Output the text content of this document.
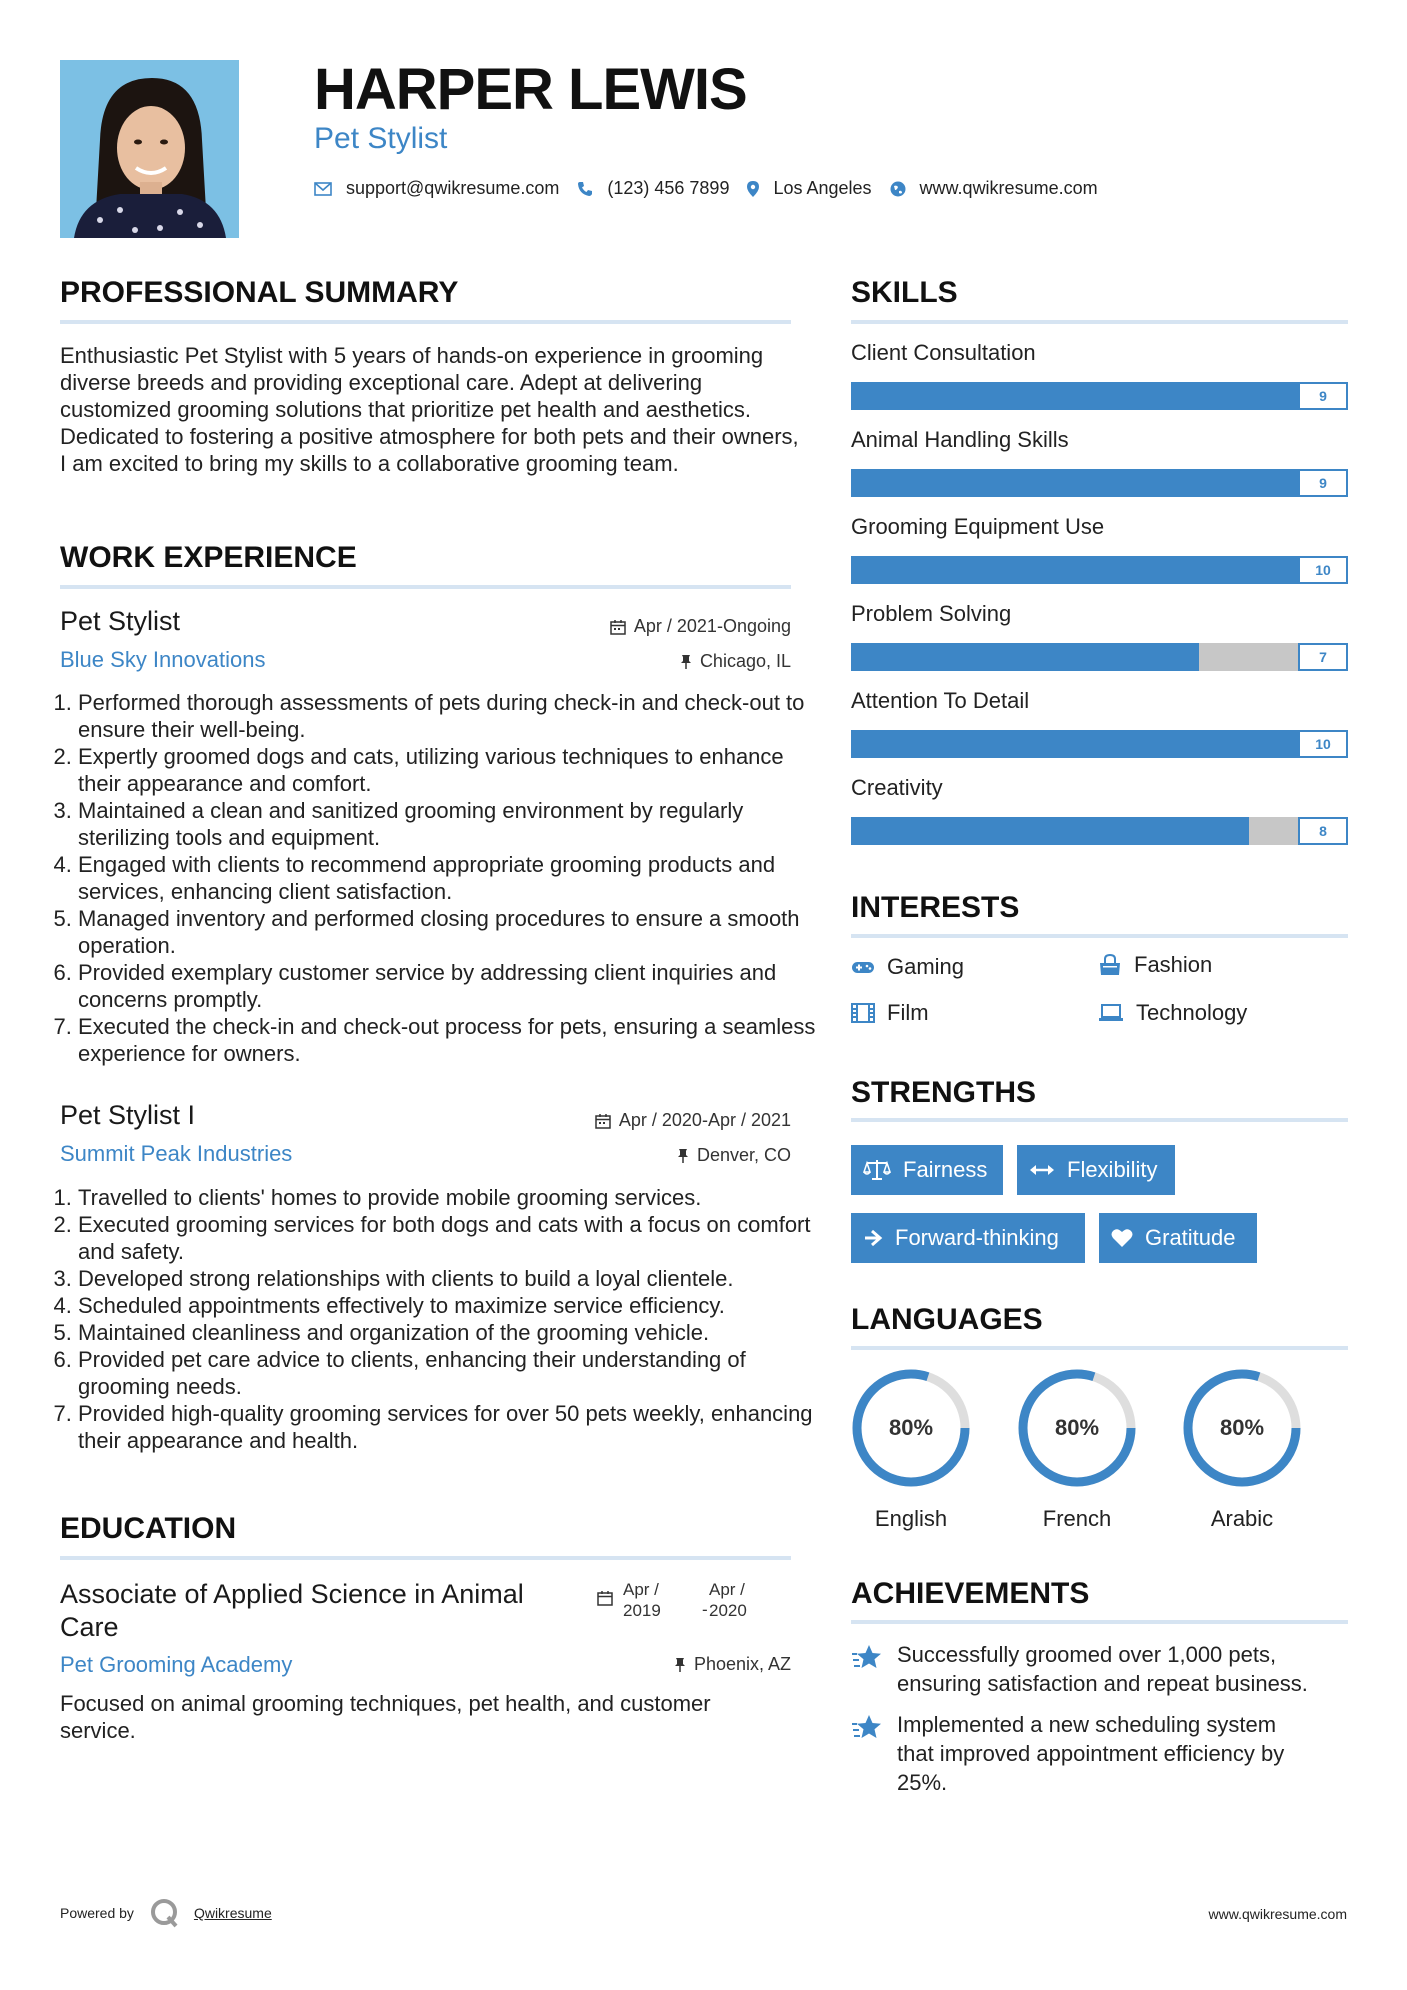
HARPER LEWIS
Pet Stylist
support@qwikresume.com	(123) 456 7899 Los Angeles	www.qwikresume.com
PROFESSIONAL SUMMARY
Enthusiastic Pet Stylist with 5 years of hands-on experience in grooming diverse breeds and providing exceptional care. Adept at delivering customized grooming solutions that prioritize pet health and aesthetics. Dedicated to fostering a positive atmosphere for both pets and their owners, I am excited to bring my skills to a collaborative grooming team.
WORK EXPERIENCE
Pet Stylist	Apr / 2021-Ongoing
Blue Sky Innovations	Chicago, IL
1. Performed thorough assessments of pets during check-in and check-out to ensure their well-being.
2. Expertly groomed dogs and cats, utilizing various techniques to enhance their appearance and comfort.
3. Maintained a clean and sanitized grooming environment by regularly sterilizing tools and equipment.
4. Engaged with clients to recommend appropriate grooming products and services, enhancing client satisfaction.
5. Managed inventory and performed closing procedures to ensure a smooth operation.
6. Provided exemplary customer service by addressing client inquiries and concerns promptly.
7. Executed the check-in and check-out process for pets, ensuring a seamless experience for owners.
Pet Stylist I	Apr / 2020-Apr / 2021
Summit Peak Industries	Denver, CO
1. Travelled to clients' homes to provide mobile grooming services.
2. Executed grooming services for both dogs and cats with a focus on comfort and safety.
3. Developed strong relationships with clients to build a loyal clientele.
4. Scheduled appointments effectively to maximize service efficiency.
5. Maintained cleanliness and organization of the grooming vehicle.
6. Provided pet care advice to clients, enhancing their understanding of grooming needs.
7. Provided high-quality grooming services for over 50 pets weekly, enhancing their appearance and health.
EDUCATION
Associate of Applied Science in Animal Care
Apr /
2019 -
Apr /
2020
Pet Grooming Academy	Phoenix, AZ
Focused on animal grooming techniques, pet health, and customer service.
SKILLS
Client Consultation
9
Animal Handling Skills
9
Grooming Equipment Use
10
Problem Solving
7
Attention To Detail
10
Creativity
8
INTERESTS
Gaming	Fashion
Film	Technology
STRENGTHS
Fairness	Flexibility
Forward-thinking	Gratitude
LANGUAGES
80%
English
80%
French
80%
Arabic
ACHIEVEMENTS
Successfully groomed over 1,000 pets, ensuring satisfaction and repeat business.
Implemented a new scheduling system that improved appointment efficiency by 25%.
Powered by	Qwikresume	www.qwikresume.com
